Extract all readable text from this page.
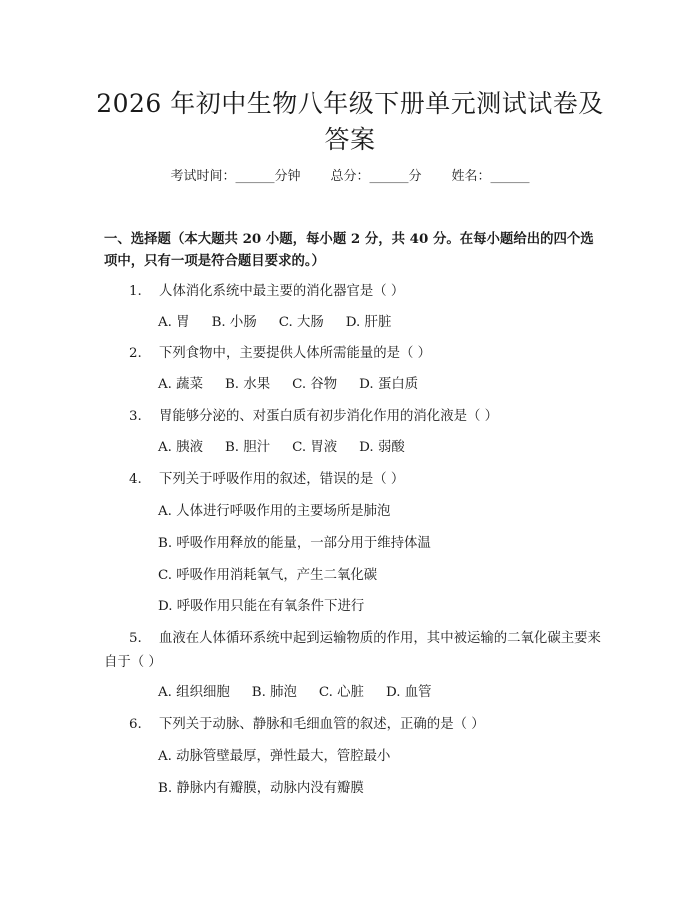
2026 年初中生物八年级下册单元测试试卷及
答案
考试时间：______分钟 总分：______分 姓名：______
一、选择题（本大题共 20 小题，每小题 2 分，共 40 分。在每小题给出的四个选项中，只有一项是符合题目要求的。）
1. 人体消化系统中最主要的消化器官是（ ）
A. 胃 B. 小肠 C. 大肠 D. 肝脏
2. 下列食物中，主要提供人体所需能量的是（ ）
A. 蔬菜 B. 水果 C. 谷物 D. 蛋白质
3. 胃能够分泌的、对蛋白质有初步消化作用的消化液是（ ）
A. 胰液 B. 胆汁 C. 胃液 D. 弱酸
4. 下列关于呼吸作用的叙述，错误的是（ ）
A. 人体进行呼吸作用的主要场所是肺泡
B. 呼吸作用释放的能量，一部分用于维持体温
C. 呼吸作用消耗氧气，产生二氧化碳
D. 呼吸作用只能在有氧条件下进行
5. 血液在人体循环系统中起到运输物质的作用，其中被运输的二氧化碳主要来自于（ ）
A. 组织细胞 B. 肺泡 C. 心脏 D. 血管
6. 下列关于动脉、静脉和毛细血管的叙述，正确的是（ ）
A. 动脉管壁最厚，弹性最大，管腔最小
B. 静脉内有瓣膜，动脉内没有瓣膜
